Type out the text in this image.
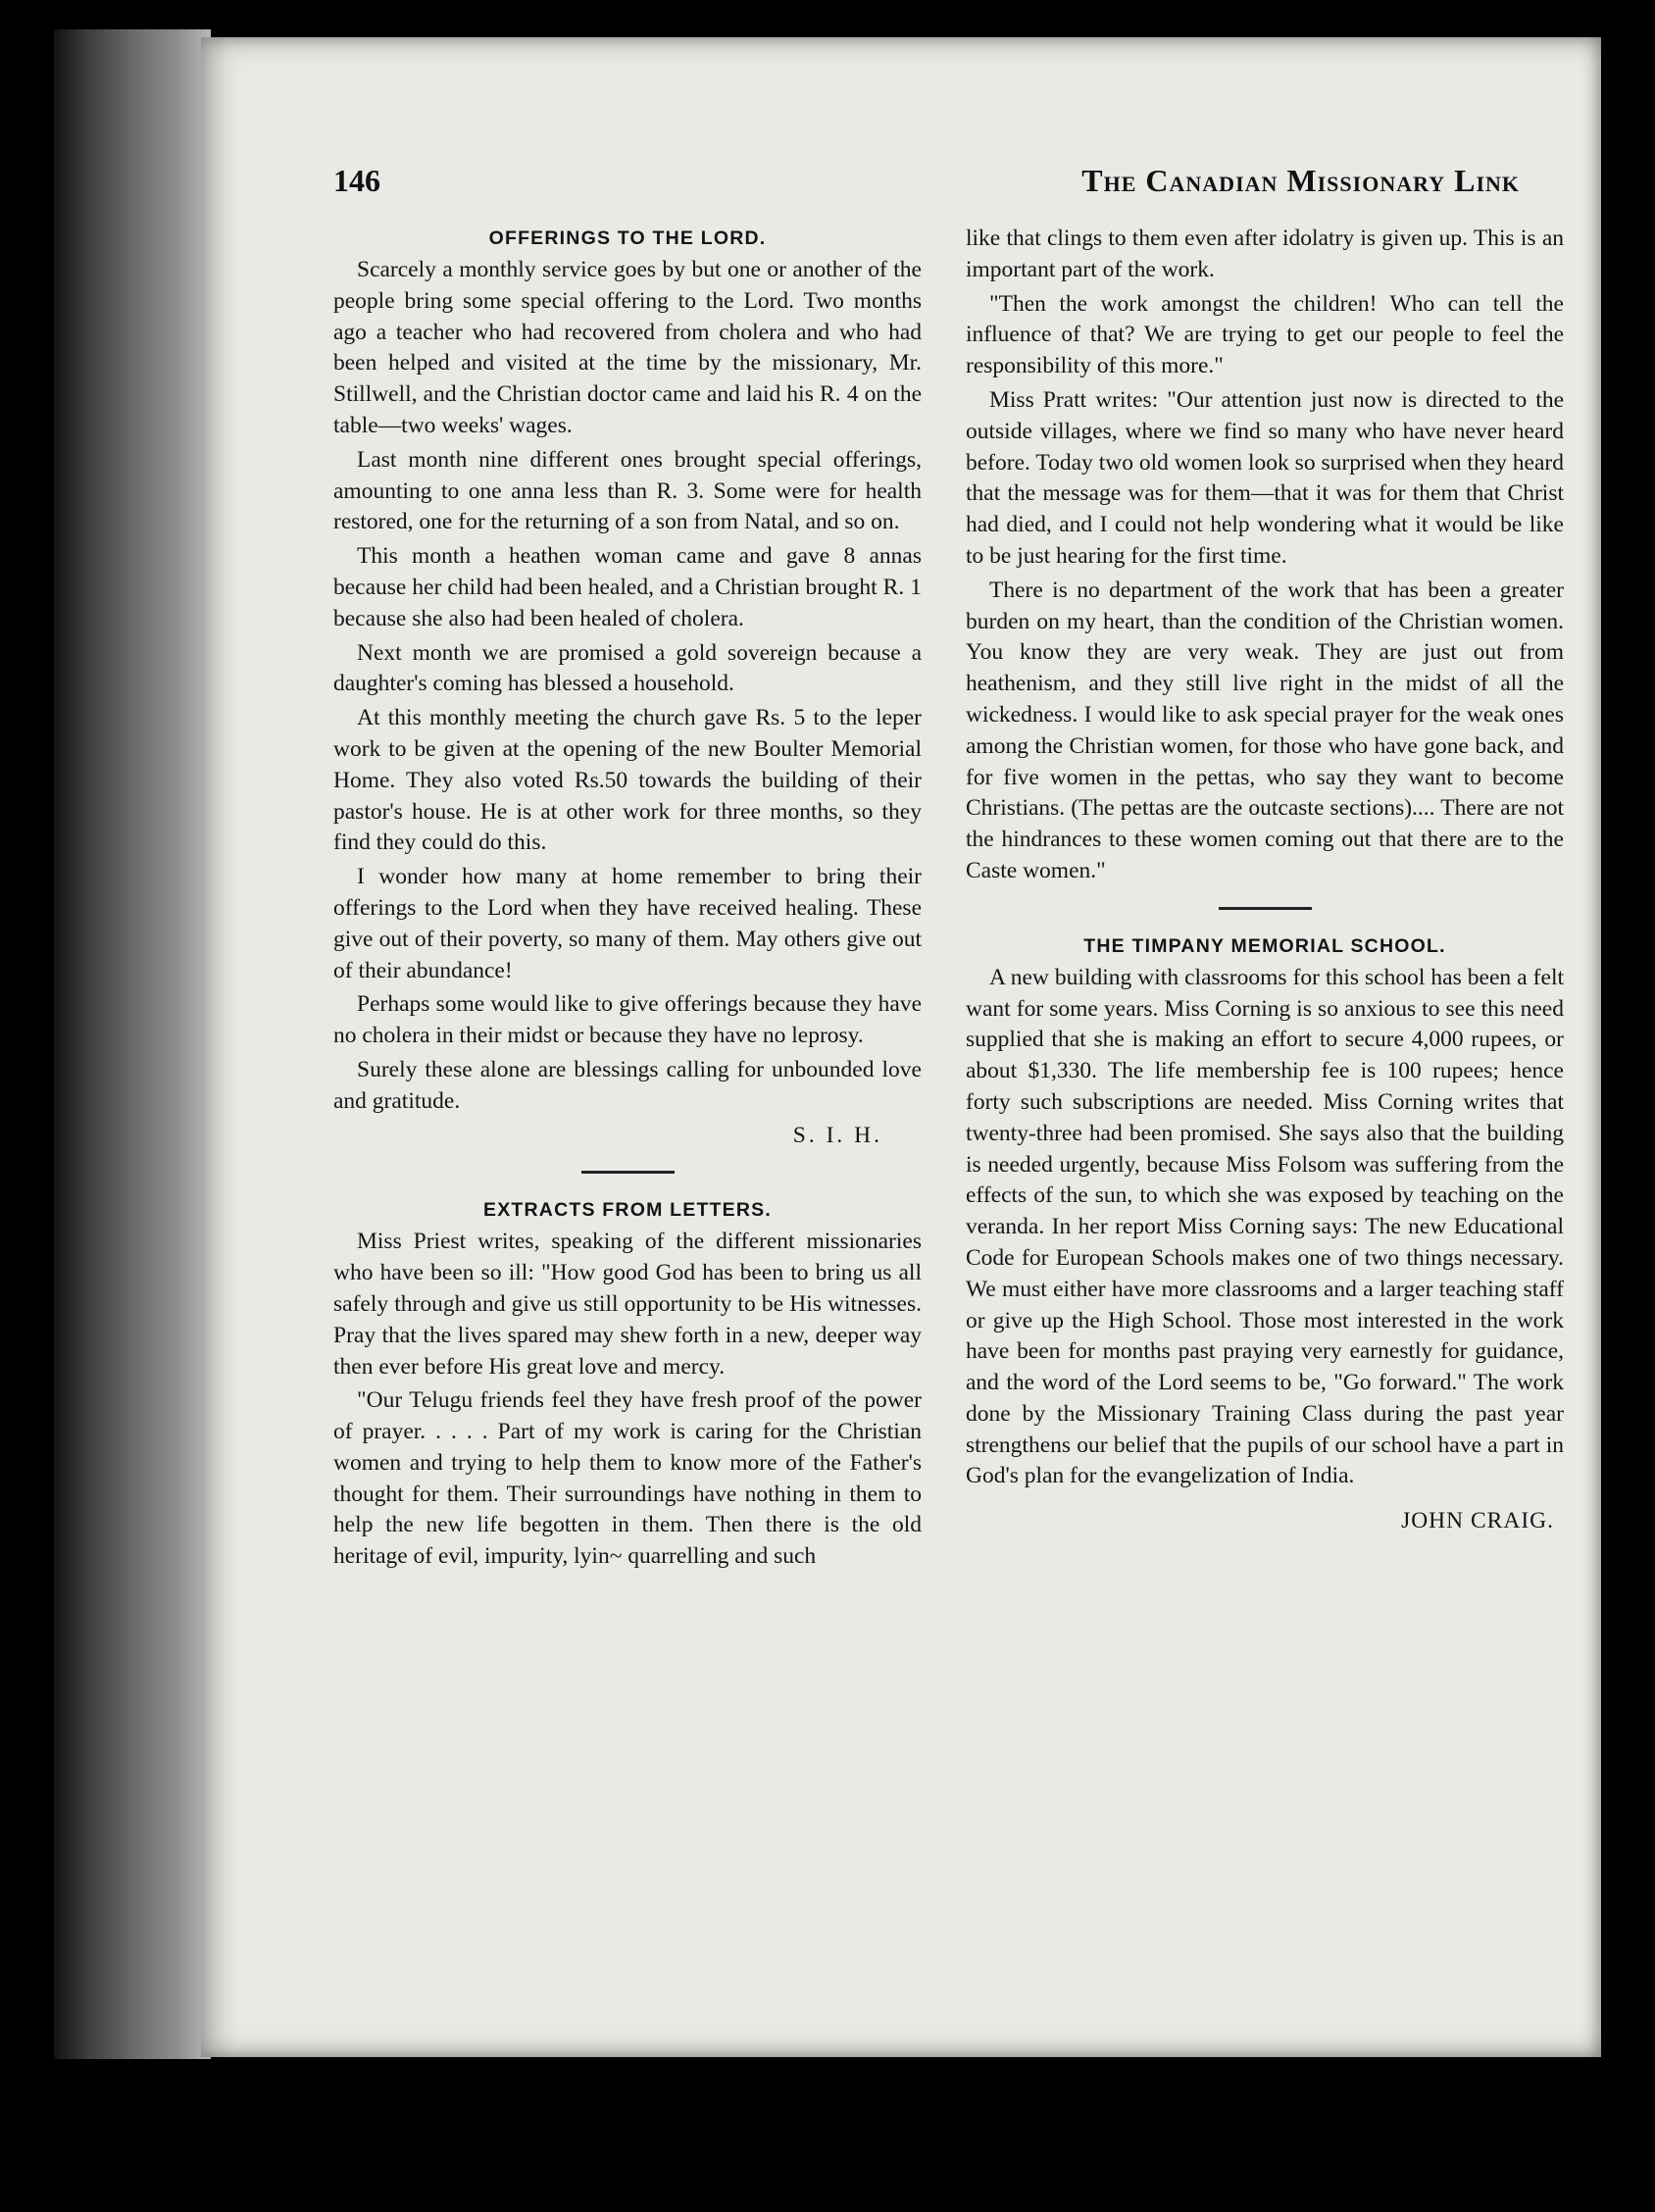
146	The Canadian Missionary Link
OFFERINGS TO THE LORD.

Scarcely a monthly service goes by but one or another of the people bring some special offering to the Lord. Two months ago a teacher who had recovered from cholera and who had been helped and visited at the time by the missionary, Mr. Stillwell, and the Christian doctor came and laid his R. 4 on the table—two weeks' wages.

Last month nine different ones brought special offerings, amounting to one anna less than R. 3. Some were for health restored, one for the returning of a son from Natal, and so on.

This month a heathen woman came and gave 8 annas because her child had been healed, and a Christian brought R. 1 because she also had been healed of cholera.

Next month we are promised a gold sovereign because a daughter's coming has blessed a household.

At this monthly meeting the church gave Rs. 5 to the leper work to be given at the opening of the new Boulter Memorial Home. They also voted Rs.50 towards the building of their pastor's house. He is at other work for three months, so they find they could do this.

I wonder how many at home remember to bring their offerings to the Lord when they have received healing. These give out of their poverty, so many of them. May others give out of their abundance!

Perhaps some would like to give offerings because they have no cholera in their midst or because they have no leprosy.

Surely these alone are blessings calling for unbounded love and gratitude.

S. I. H.
EXTRACTS FROM LETTERS.

Miss Priest writes, speaking of the different missionaries who have been so ill: "How good God has been to bring us all safely through and give us still opportunity to be His witnesses. Pray that the lives spared may shew forth in a new, deeper way then ever before His great love and mercy.

"Our Telugu friends feel they have fresh proof of the power of prayer. . . . . Part of my work is caring for the Christian women and trying to help them to know more of the Father's thought for them. Their surroundings have nothing in them to help the new life begotten in them. Then there is the old heritage of evil, impurity, lyin~ quarrelling and such

like that clings to them even after idolatry is given up. This is an important part of the work.

"Then the work amongst the children! Who can tell the influence of that? We are trying to get our people to feel the responsibility of this more."

Miss Pratt writes: "Our attention just now is directed to the outside villages, where we find so many who have never heard before. Today two old women look so surprised when they heard that the message was for them—that it was for them that Christ had died, and I could not help wondering what it would be like to be just hearing for the first time.

There is no department of the work that has been a greater burden on my heart, than the condition of the Christian women. You know they are very weak. They are just out from heathenism, and they still live right in the midst of all the wickedness. I would like to ask special prayer for the weak ones among the Christian women, for those who have gone back, and for five women in the pettas, who say they want to become Christians. (The pettas are the outcaste sections).... There are not the hindrances to these women coming out that there are to the Caste women."

THE TIMPANY MEMORIAL SCHOOL.

A new building with classrooms for this school has been a felt want for some years. Miss Corning is so anxious to see this need supplied that she is making an effort to secure 4,000 rupees, or about $1,330. The life membership fee is 100 rupees; hence forty such subscriptions are needed. Miss Corning writes that twenty-three had been promised. She says also that the building is needed urgently, because Miss Folsom was suffering from the effects of the sun, to which she was exposed by teaching on the veranda. In her report Miss Corning says: The new Educational Code for European Schools makes one of two things necessary. We must either have more classrooms and a larger teaching staff or give up the High School. Those most interested in the work have been for months past praying very earnestly for guidance, and the word of the Lord seems to be, "Go forward." The work done by the Missionary Training Class during the past year strengthens our belief that the pupils of our school have a part in God's plan for the evangelization of India.

JOHN CRAIG.
